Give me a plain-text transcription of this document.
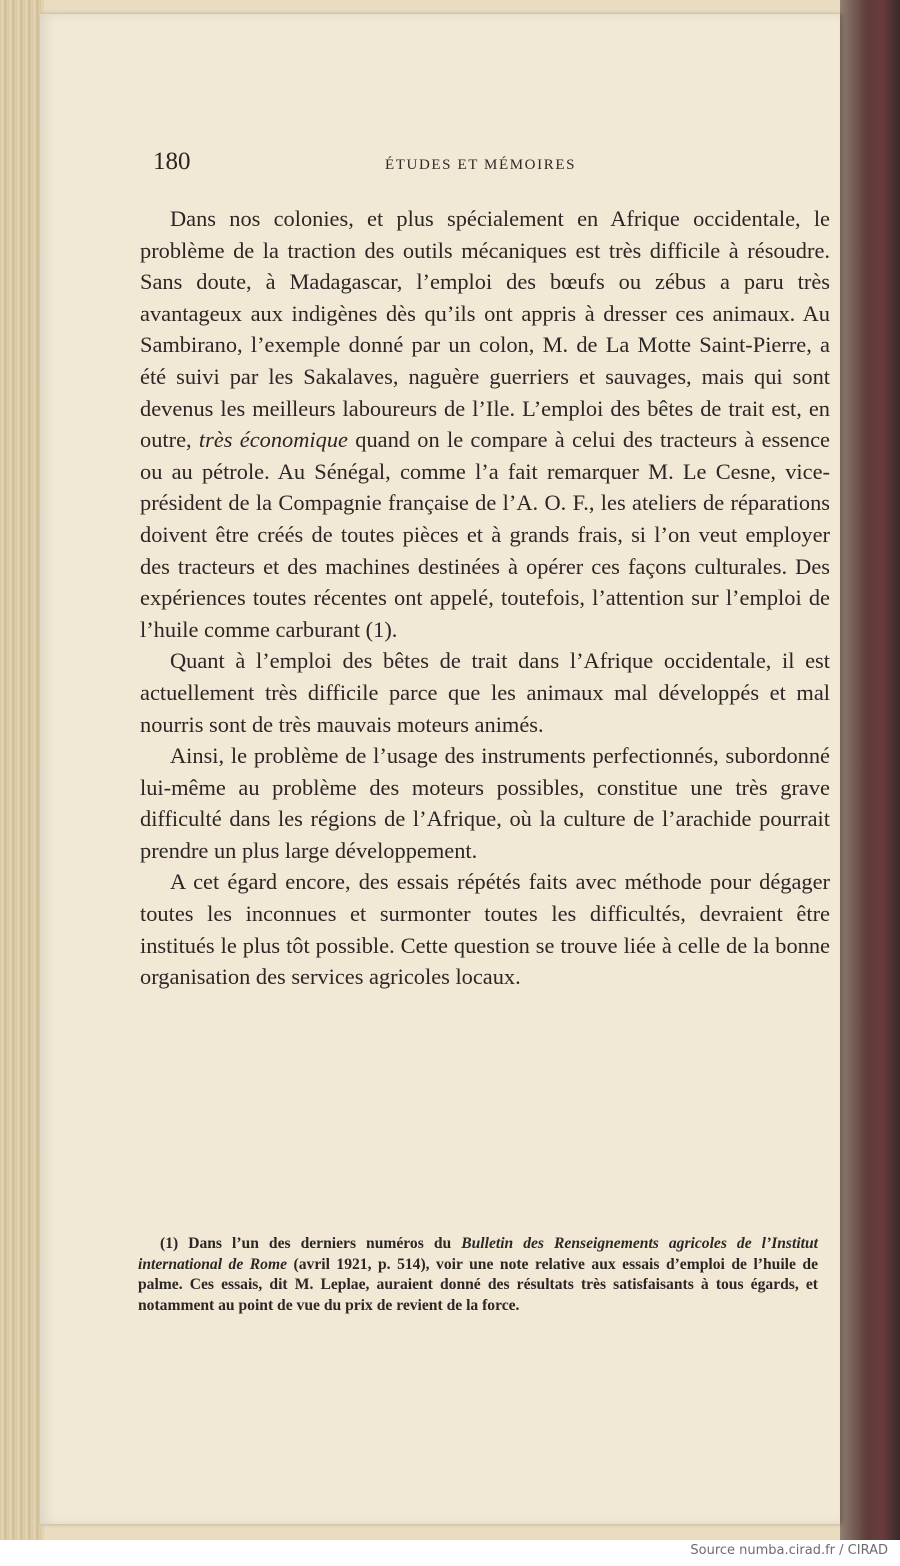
180	ÉTUDES ET MÉMOIRES

Dans nos colonies, et plus spécialement en Afrique occidentale, le problème de la traction des outils mécaniques est très difficile à résoudre. Sans doute, à Madagascar, l’emploi des bœufs ou zébus a paru très avantageux aux indigènes dès qu’ils ont appris à dresser ces animaux. Au Sambirano, l’exemple donné par un colon, M. de La Motte Saint-Pierre, a été suivi par les Sakalaves, naguère guerriers et sauvages, mais qui sont devenus les meilleurs laboureurs de l’Ile. L’emploi des bêtes de trait est, en outre, très économique quand on le compare à celui des tracteurs à essence ou au pétrole. Au Sénégal, comme l’a fait remarquer M. Le Cesne, vice-président de la Compagnie française de l’A. O. F., les ateliers de réparations doivent être créés de toutes pièces et à grands frais, si l’on veut employer des tracteurs et des machines destinées à opérer ces façons culturales. Des expériences toutes récentes ont appelé, toutefois, l’attention sur l’emploi de l’huile comme carburant (1).

Quant à l’emploi des bêtes de trait dans l’Afrique occidentale, il est actuellement très difficile parce que les animaux mal développés et mal nourris sont de très mauvais moteurs animés.

Ainsi, le problème de l’usage des instruments perfectionnés, subordonné lui-même au problème des moteurs possibles, constitue une très grave difficulté dans les régions de l’Afrique, où la culture de l’arachide pourrait prendre un plus large développement.

A cet égard encore, des essais répétés faits avec méthode pour dégager toutes les inconnues et surmonter toutes les difficultés, devraient être institués le plus tôt possible. Cette question se trouve liée à celle de la bonne organisation des services agricoles locaux.

(1) Dans l’un des derniers numéros du Bulletin des Renseignements agricoles de l’Institut international de Rome (avril 1921, p. 514), voir une note relative aux essais d’emploi de l’huile de palme. Ces essais, dit M. Leplae, auraient donné des résultats très satisfaisants à tous égards, et notamment au point de vue du prix de revient de la force.

Source numba.cirad.fr / CIRAD
